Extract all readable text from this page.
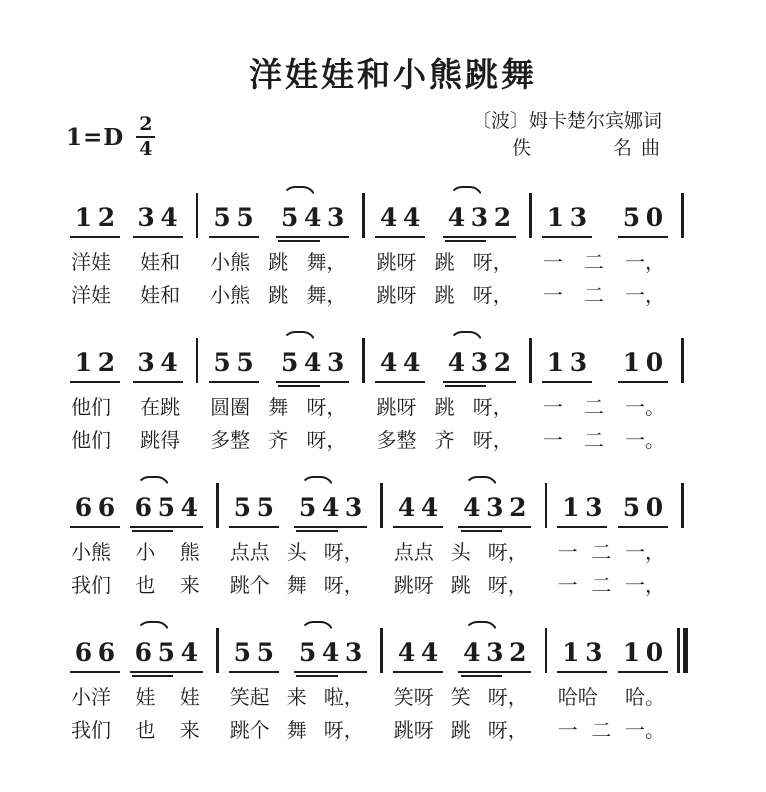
洋娃娃和小熊跳舞
$1=D \frac{2}{4}$	〔波〕姆卡楚尔宾娜词
佚	名曲
1 2 3 4 5 5 5 4 3 4 4 4 3 2 1 3 5 0
洋娃 娃和 小熊 跳 舞， 跳呀 跳 呀， 一 二 一，
洋娃 娃和 小熊 跳 舞， 跳呀 跳 呀， 一 二 一，
1 2 3 4 5 5 5 4 3 4 4 4 3 2 1 3 1 0
他们 在跳 圆圈 舞 呀， 跳呀 跳 呀， 一 二 一。
他们 跳得 多整 齐 呀， 多整 齐 呀， 一 二 一。
6 6 6 5 4 5 5 5 4 3 4 4 4 3 2 1 3 5 0
小熊 小 熊 点点 头 呀， 点点 头 呀， 一 二 一，
我们 也 来 跳个 舞 呀， 跳呀 跳 呀， 一 二 一，
6 6 6 5 4 5 5 5 4 3 4 4 4 3 2 1 3 1 0
小洋 娃 娃 笑起 来 啦， 笑呀 笑 呀， 哈哈 哈。
我们 也 来 跳个 舞 呀， 跳呀 跳 呀， 一 二 一。
